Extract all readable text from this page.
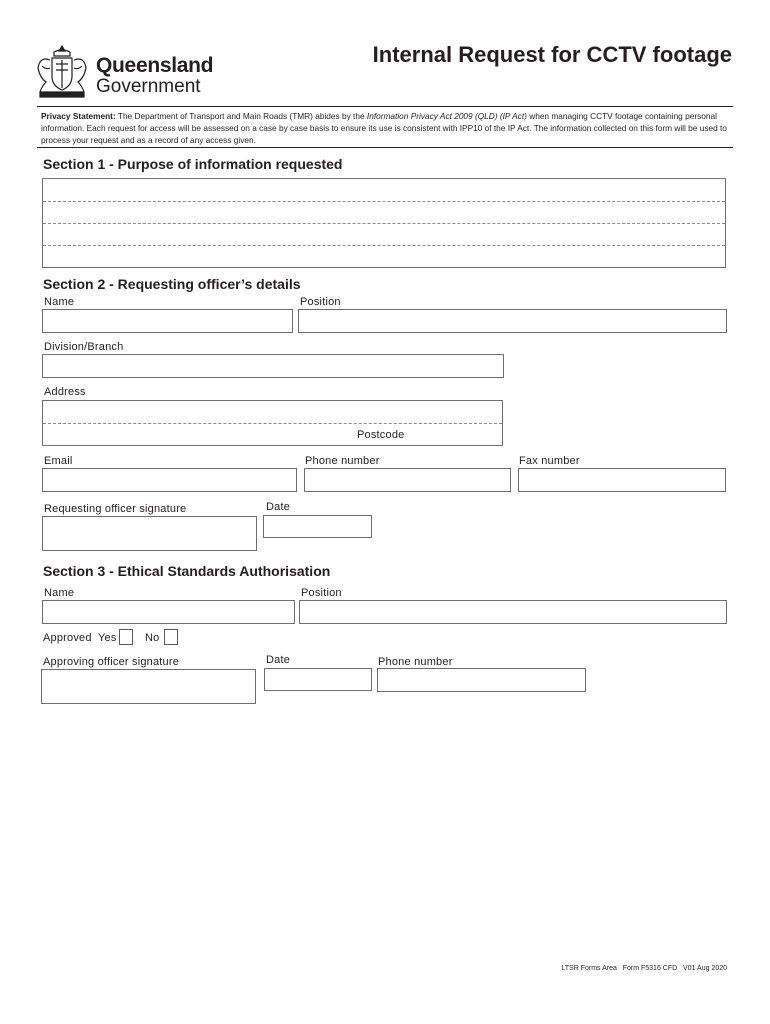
Queensland
Government
Internal Request for CCTV footage
Privacy Statement: The Department of Transport and Main Roads (TMR) abides by the Information Privacy Act 2009 (QLD) (IP Act) when managing CCTV footage containing personal information. Each request for access will be assessed on a case by case basis to ensure its use is consistent with IPP10 of the IP Act. The information collected on this form will be used to process your request and as a record of any access given.
Section 1 - Purpose of information requested
Section 2 - Requesting officer’s details
Name	Position
Division/Branch
Address
Postcode
Email	Phone number	Fax number
Requesting officer signature	Date
Section 3 - Ethical Standards Authorisation
Name	Position
Approved Yes	No
Approving officer signature	Date	Phone number
LTSR Forms Area   Form F5316 CFD   V01 Aug 2020
